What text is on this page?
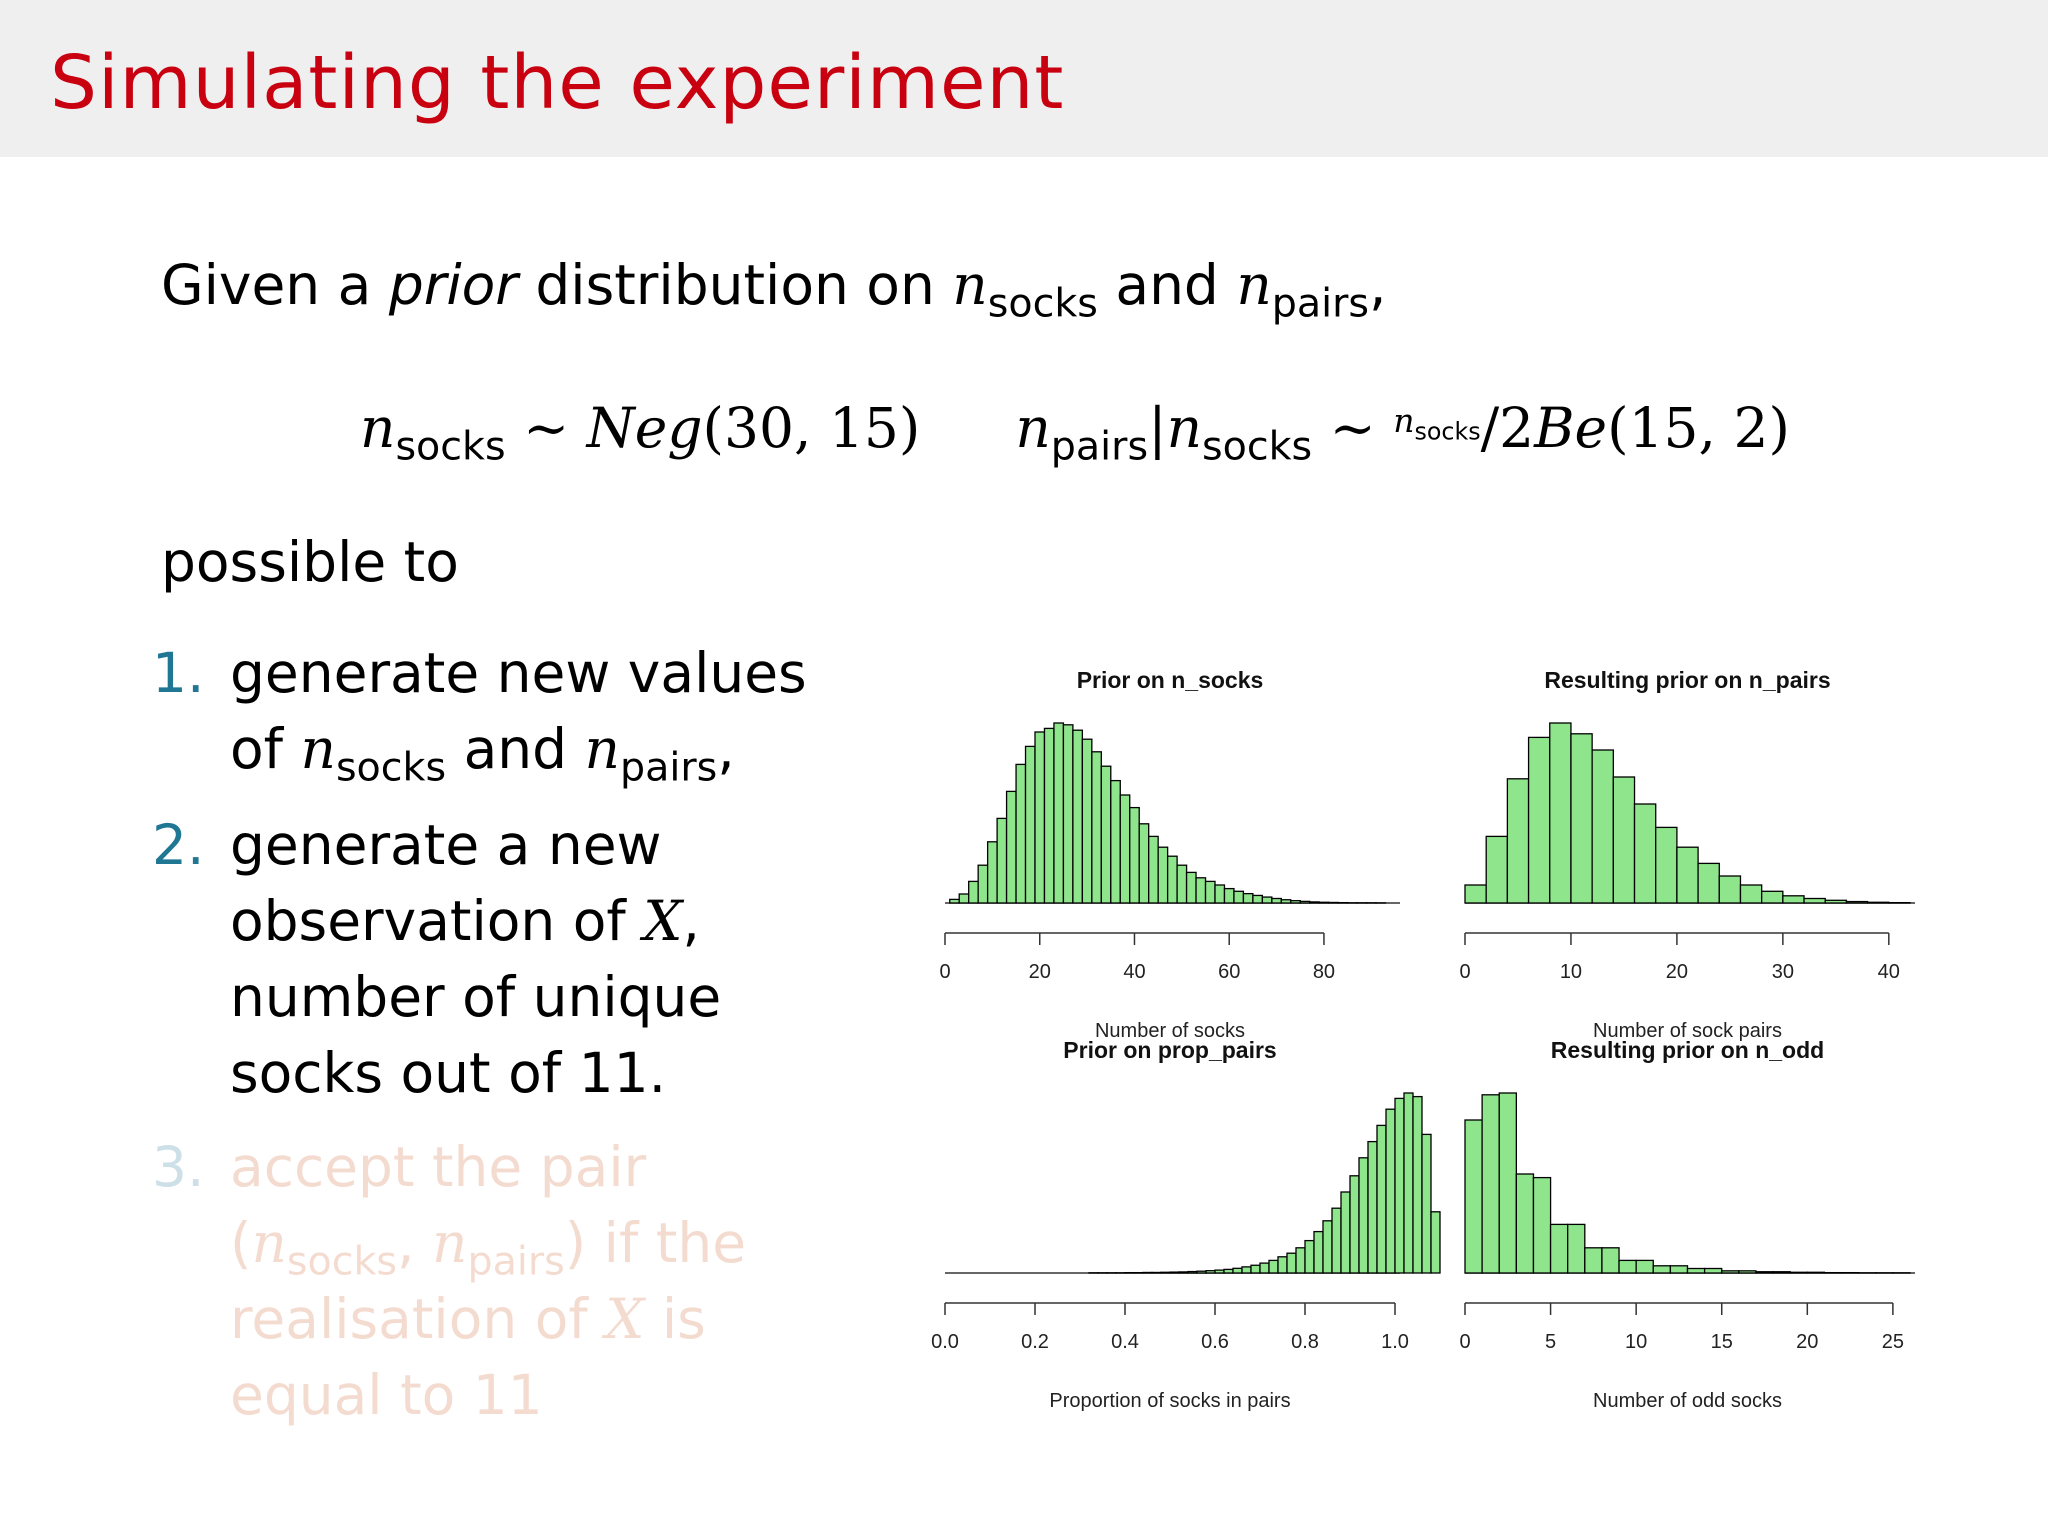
Simulating the experiment
Given a prior distribution on $n_{socks}$ and $n_{pairs}$,
$n_{socks}$ ∼ Neg(30, 15) $n_{pairs}|n_{socks}$ ∼ $^{n_{socks}}$/2Be(15, 2)
possible to
1. generate new values
of $n_{socks}$ and $n_{pairs}$,
2. generate a new
observation of X,
number of unique
socks out of 11.
3. accept the pair
($n_{socks}$, $n_{pairs}$) if the
realisation of X is
equal to 11
Prior on n_socks
0	20	40	60	80
Number of socks
Resulting prior on n_pairs
0	10	20	30	40
Number of sock pairs
Prior on prop_pairs
0.0	0.2	0.4	0.6	0.8	1.0
Proportion of socks in pairs
Resulting prior on n_odd
0	5	10	15	20	25
Number of odd socks
